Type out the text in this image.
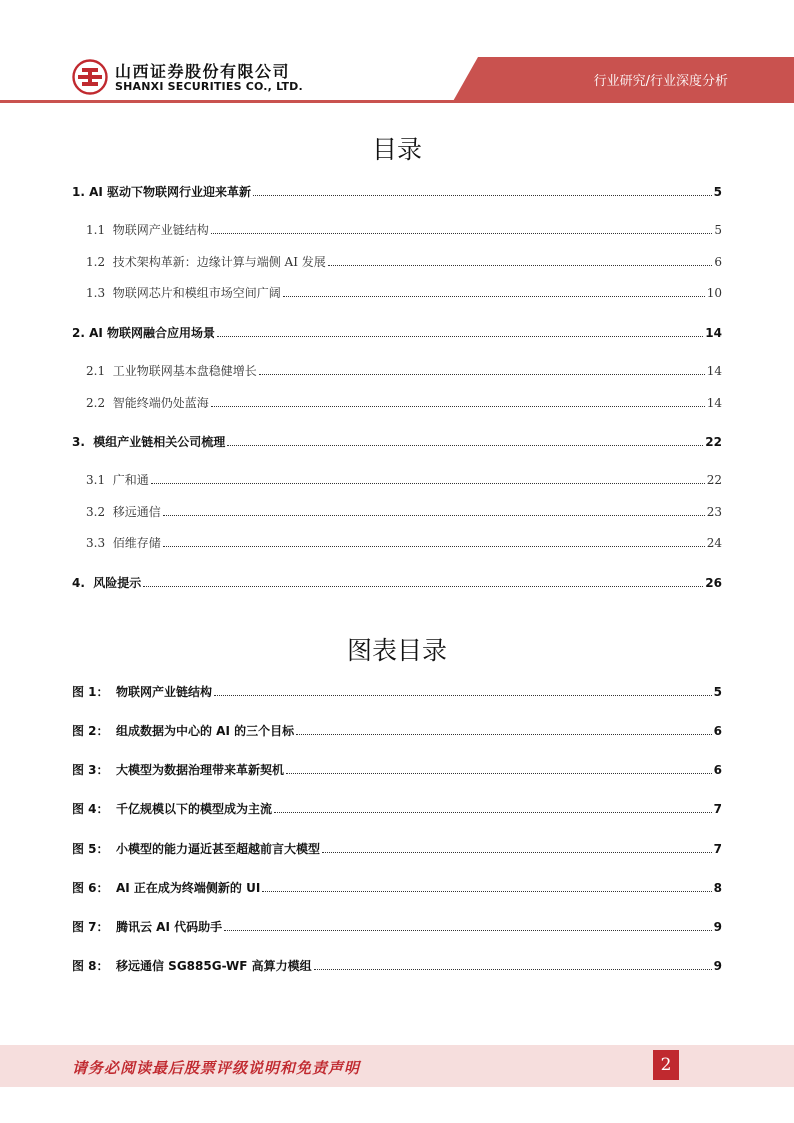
山西证券股份有限公司
SHANXI SECURITIES CO., LTD.	行业研究/行业深度分析
目录
1. AI 驱动下物联网行业迎来革新	5
1.1 物联网产业链结构	5
1.2 技术架构革新：边缘计算与端侧 AI 发展	6
1.3 物联网芯片和模组市场空间广阔	10
2. AI 物联网融合应用场景	14
2.1 工业物联网基本盘稳健增长	14
2.2 智能终端仍处蓝海	14
3. 模组产业链相关公司梳理	22
3.1 广和通	22
3.2 移远通信	23
3.3 佰维存储	24
4. 风险提示	26
图表目录
图 1： 物联网产业链结构	5
图 2： 组成数据为中心的 AI 的三个目标	6
图 3： 大模型为数据治理带来革新契机	6
图 4： 千亿规模以下的模型成为主流	7
图 5： 小模型的能力逼近甚至超越前言大模型	7
图 6： AI 正在成为终端侧新的 UI	8
图 7： 腾讯云 AI 代码助手	9
图 8： 移远通信 SG885G-WF 高算力模组	9
请务必阅读最后股票评级说明和免责声明	2
